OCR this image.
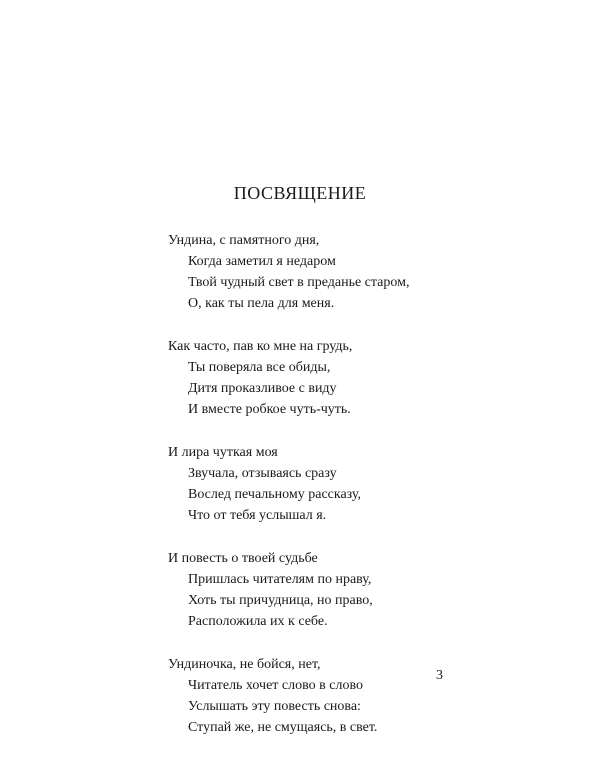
ПОСВЯЩЕНИЕ
Ундина, с памятного дня,
Когда заметил я недаром
Твой чудный свет в преданье старом,
О, как ты пела для меня.
Как часто, пав ко мне на грудь,
Ты поверяла все обиды,
Дитя проказливое с виду
И вместе робкое чуть-чуть.
И лира чуткая моя
Звучала, отзываясь сразу
Вослед печальному рассказу,
Что от тебя услышал я.
И повесть о твоей судьбе
Пришлась читателям по нраву,
Хоть ты причудница, но право,
Расположила их к себе.
Ундиночка, не бойся, нет,
Читатель хочет слово в слово
Услышать эту повесть снова:
Ступай же, не смущаясь, в свет.
3
